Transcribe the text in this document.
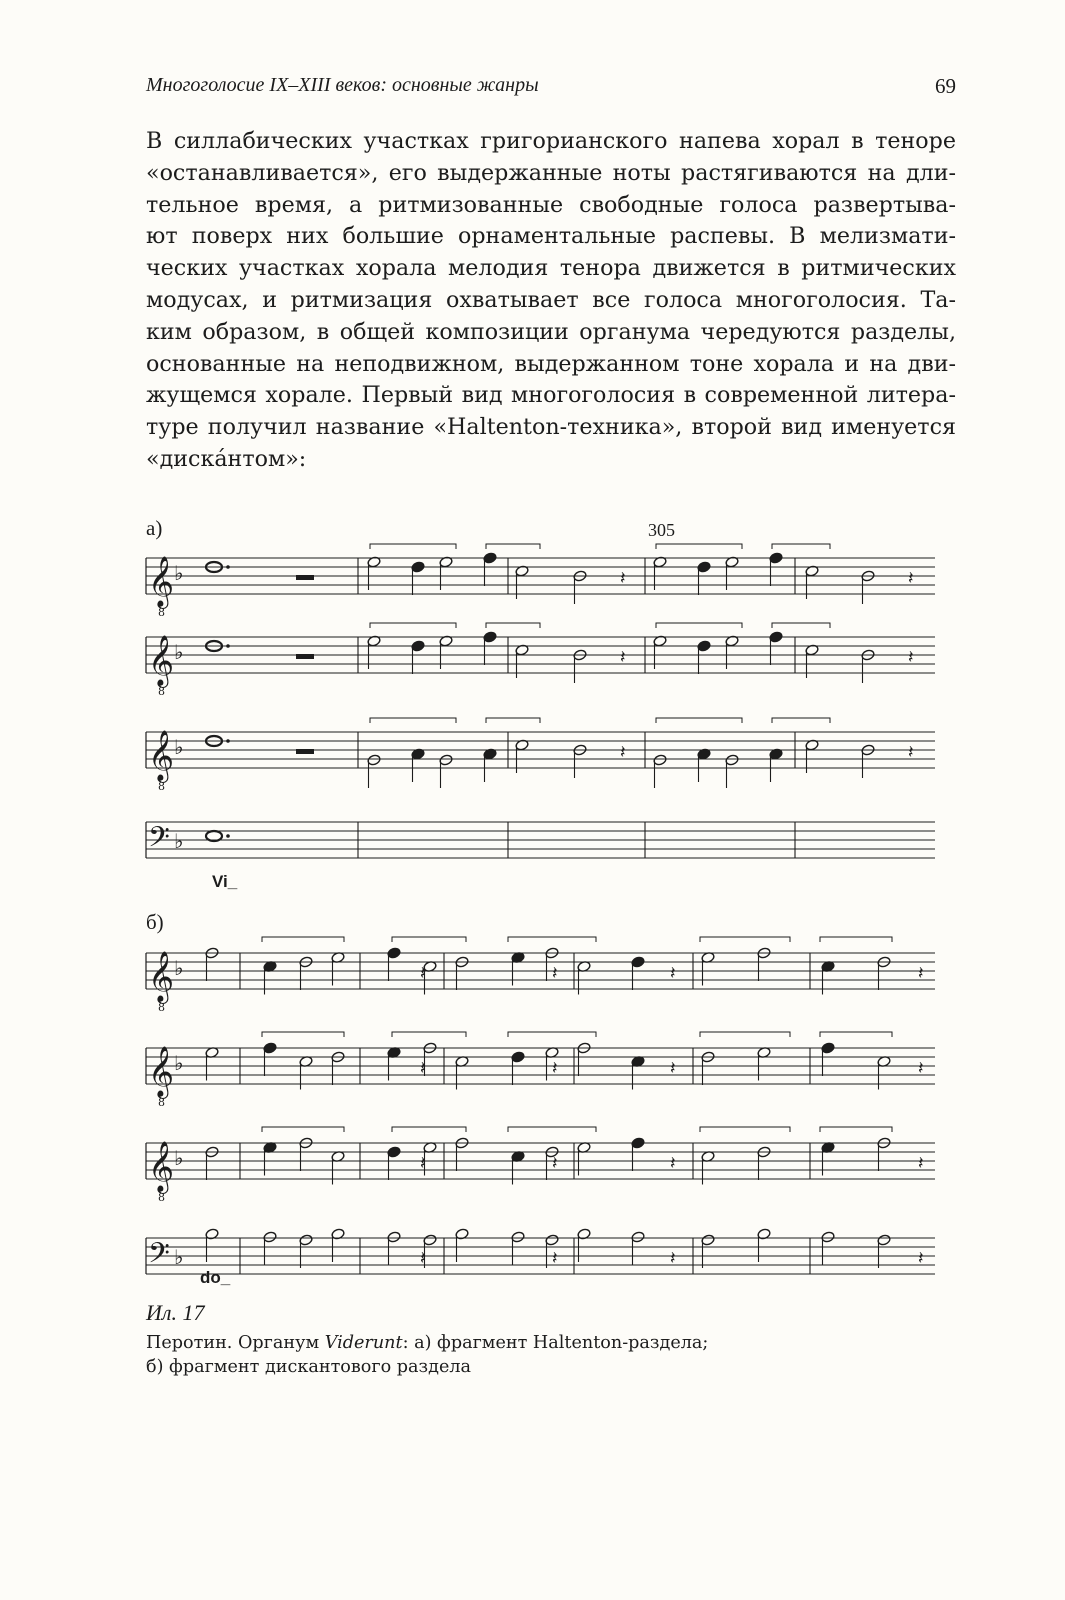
Многоголосие IX–XIII веков: основные жанры	69
В силлабических участках григорианского напева хорал в теноре
«останавливается», его выдержанные ноты растягиваются на дли-
тельное время, а ритмизованные свободные голоса развертыва-
ют поверх них большие орнаментальные распевы. В мелизмати-
ческих участках хорала мелодия тенора движется в ритмических
модусах, и ритмизация охватывает все голоса многоголосия. Та-
ким образом, в общей композиции органума чередуются разделы,
основанные на неподвижном, выдержанном тоне хорала и на дви-
жущемся хорале. Первый вид многоголосия в современной литера-
туре получил название «Haltenton-техника», второй вид именуется
«дискáнтом»:
а)	305
Vi_
б)
do_
𝄞
8
♭	𝄽	𝄽
𝄞
8
♭	𝄽	𝄽
𝄞
8
♭	𝄽	𝄽
𝄢 ♭
𝄞
8
♭	𝄽	𝄽	𝄽	𝄽
𝄞
8
♭	𝄽	𝄽	𝄽	𝄽
𝄞
8
♭	𝄽	𝄽	𝄽	𝄽
𝄢 ♭	𝄽	𝄽	𝄽	𝄽
Ил. 17
Перотин. Органум Viderunt: а) фрагмент Haltenton-раздела;
б) фрагмент дискантового раздела
